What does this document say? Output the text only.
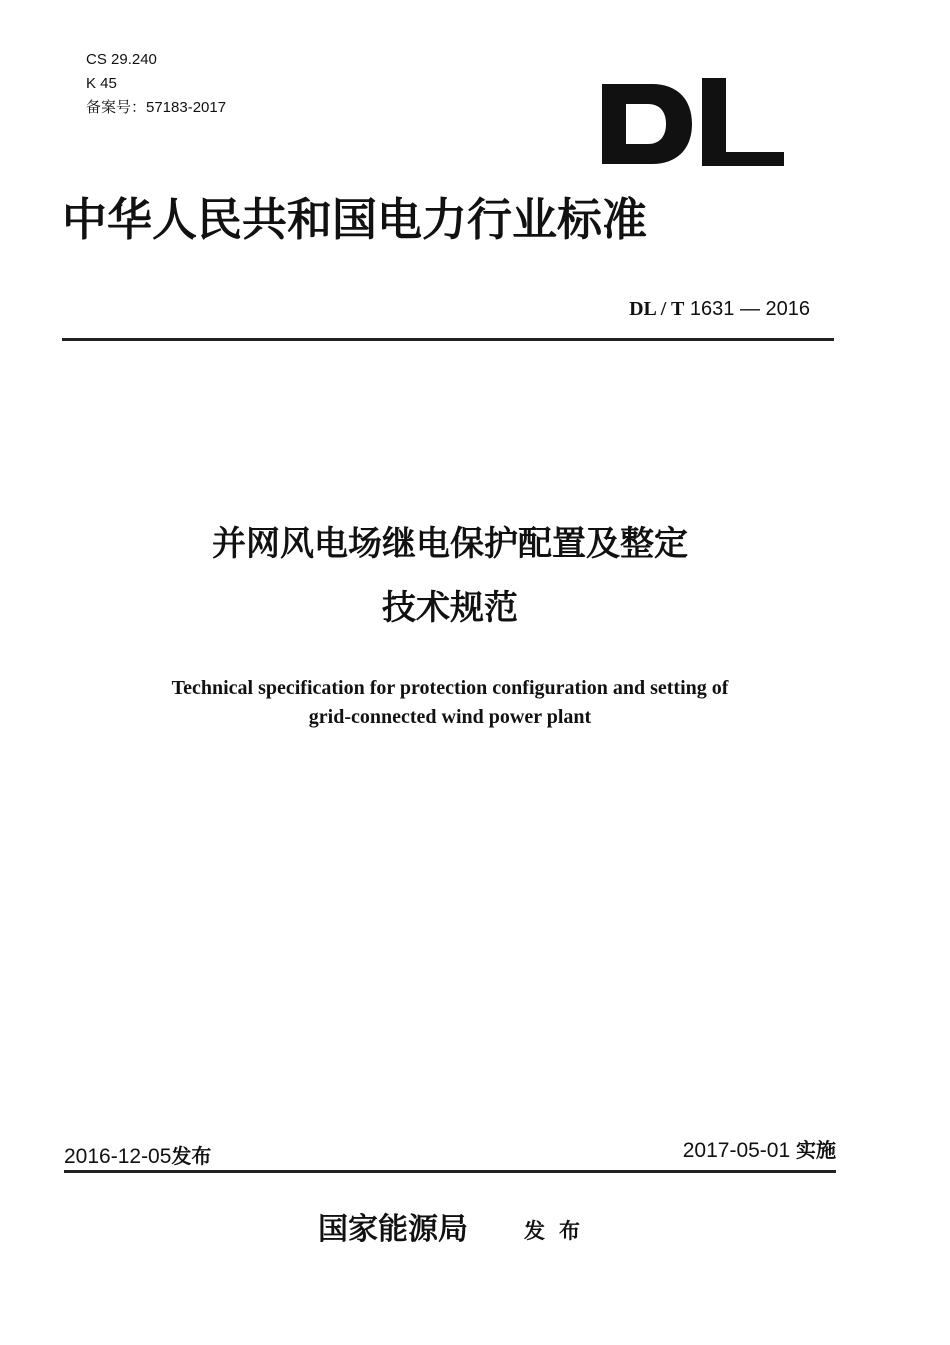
CS 29.240
K 45
备案号：57183-2017
中华人民共和国电力行业标准
DL / T 1631 — 2016
并网风电场继电保护配置及整定
技术规范
Technical specification for protection configuration and setting of
grid-connected wind power plant
2016-12-05发布	2017-05-01 实施
国家能源局	发布
